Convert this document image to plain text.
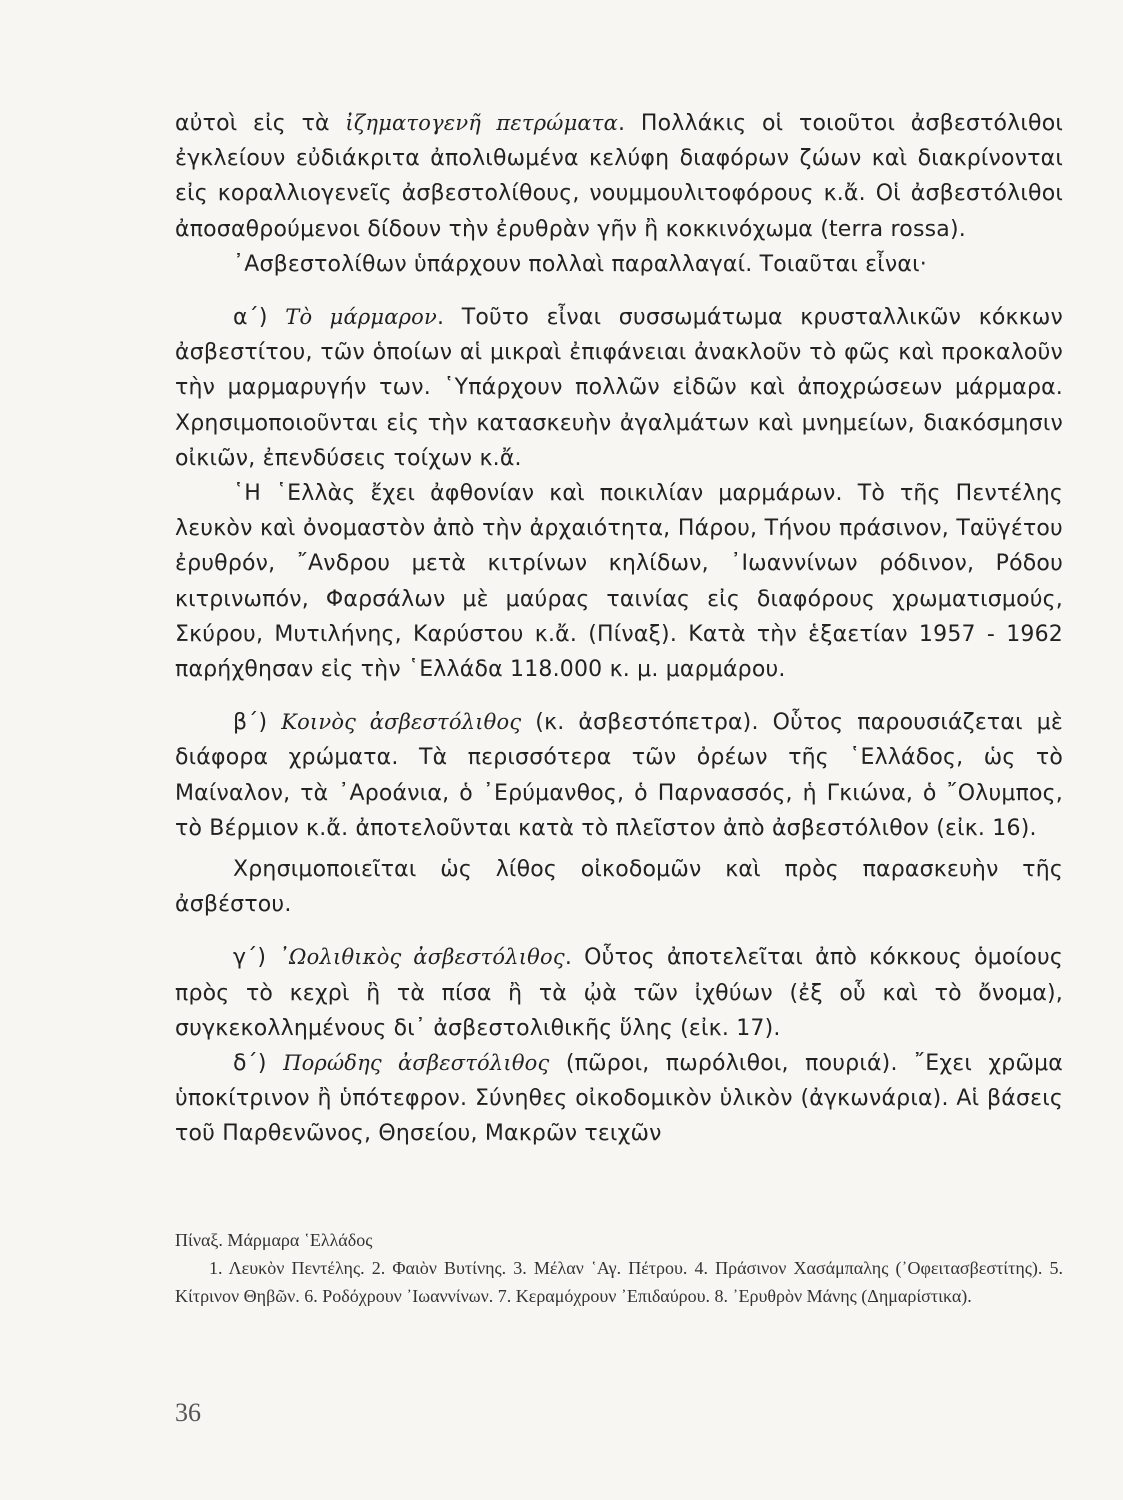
αὐτοὶ εἰς τὰ ἰζηματογενῆ πετρώματα. Πολλάκις οἱ τοιοῦτοι ἀσβεστόλιθοι ἐγκλείουν εὐδιάκριτα ἀπολιθωμένα κελύφη διαφόρων ζώων καὶ διακρίνονται εἰς κοραλλιογενεῖς ἀσβεστολίθους, νουμμουλιτοφόρους κ.ἄ. Οἱ ἀσβεστόλιθοι ἀποσαθρούμενοι δίδουν τὴν ἐρυθρὰν γῆν ἢ κοκκινόχωμα (terra rossa).

᾿Ασβεστολίθων ὑπάρχουν πολλαὶ παραλλαγαί. Τοιαῦται εἶναι·

α΄) Τὸ μάρμαρον. Τοῦτο εἶναι συσσωμάτωμα κρυσταλλικῶν κόκκων ἀσβεστίτου, τῶν ὁποίων αἱ μικραὶ ἐπιφάνειαι ἀνακλοῦν τὸ φῶς καὶ προκαλοῦν τὴν μαρμαρυγήν των. ῾Υπάρχουν πολλῶν εἰδῶν καὶ ἀποχρώσεων μάρμαρα. Χρησιμοποιοῦνται εἰς τὴν κατασκευὴν ἀγαλμάτων καὶ μνημείων, διακόσμησιν οἰκιῶν, ἐπενδύσεις τοίχων κ.ἄ.

῾Η ῾Ελλὰς ἔχει ἀφθονίαν καὶ ποικιλίαν μαρμάρων. Τὸ τῆς Πεντέλης λευκὸν καὶ ὀνομαστὸν ἀπὸ τὴν ἀρχαιότητα, Πάρου, Τήνου πράσινον, Ταϋγέτου ἐρυθρόν, ῎Ανδρου μετὰ κιτρίνων κηλίδων, ᾿Ιωαννίνων ρόδινον, Ρόδου κιτρινωπόν, Φαρσάλων μὲ μαύρας ταινίας εἰς διαφόρους χρωματισμούς, Σκύρου, Μυτιλήνης, Καρύστου κ.ἄ. (Πίναξ). Κατὰ τὴν ἑξαετίαν 1957 - 1962 παρήχθησαν εἰς τὴν ῾Ελλάδα 118.000 κ. μ. μαρμάρου.

β΄) Κοινὸς ἀσβεστόλιθος (κ. ἀσβεστόπετρα). Οὗτος παρουσιάζεται μὲ διάφορα χρώματα. Τὰ περισσότερα τῶν ὀρέων τῆς ῾Ελλάδος, ὡς τὸ Μαίναλον, τὰ ᾿Αροάνια, ὁ ᾿Ερύμανθος, ὁ Παρνασσός, ἡ Γκιώνα, ὁ ῎Ολυμπος, τὸ Βέρμιον κ.ἄ. ἀποτελοῦνται κατὰ τὸ πλεῖστον ἀπὸ ἀσβεστόλιθον (εἰκ. 16).

Χρησιμοποιεῖται ὡς λίθος οἰκοδομῶν καὶ πρὸς παρασκευὴν τῆς ἀσβέστου.

γ΄) ᾿Ωολιθικὸς ἀσβεστόλιθος. Οὗτος ἀποτελεῖται ἀπὸ κόκκους ὁμοίους πρὸς τὸ κεχρὶ ἢ τὰ πίσα ἢ τὰ ᾠὰ τῶν ἰχθύων (ἐξ οὗ καὶ τὸ ὄνομα), συγκεκολλημένους δι᾿ ἀσβεστολιθικῆς ὕλης (εἰκ. 17).

δ΄) Πορώδης ἀσβεστόλιθος (πῶροι, πωρόλιθοι, πουριά). ῎Εχει χρῶμα ὑποκίτρινον ἢ ὑπότεφρον. Σύνηθες οἰκοδομικὸν ὑλικὸν (ἀγκωνάρια). Αἱ βάσεις τοῦ Παρθενῶνος, Θησείου, Μακρῶν τειχῶν

Πίναξ. Μάρμαρα ῾Ελλάδος

1. Λευκὸν Πεντέλης. 2. Φαιὸν Βυτίνης. 3. Μέλαν ῾Αγ. Πέτρου. 4. Πράσινον Χασάμπαλης (᾿Οφειτασβεστίτης). 5. Κίτρινον Θηβῶν. 6. Ροδόχρουν ᾿Ιωαννίνων. 7. Κεραμόχρουν ᾿Επιδαύρου. 8. ᾿Ερυθρὸν Μάνης (Δημαρίστικα).

36
